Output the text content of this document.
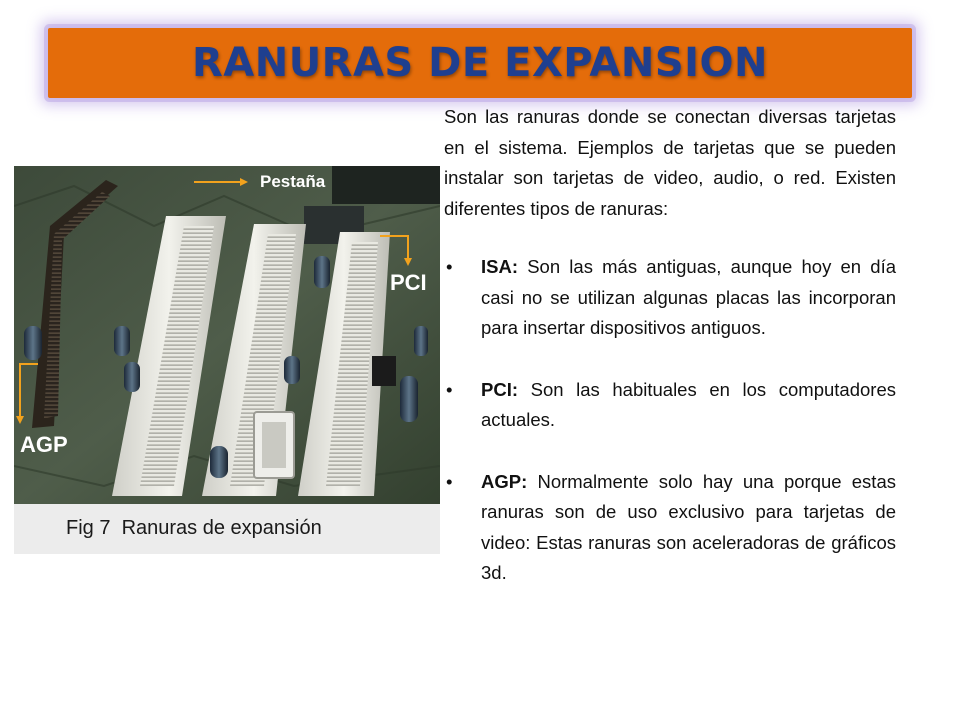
RANURAS DE EXPANSION
Pestaña
PCI
AGP
Fig 7  Ranuras de expansión

Son las ranuras donde se conectan diversas tarjetas en el sistema. Ejemplos de tarjetas que se pueden instalar son tarjetas de video, audio, o red. Existen diferentes tipos de ranuras:

• ISA: Son las más antiguas, aunque hoy en día casi no se utilizan algunas placas las incorporan para insertar dispositivos antiguos.
• PCI: Son las habituales en los computadores actuales.
• AGP: Normalmente solo hay una porque estas ranuras son de uso exclusivo para tarjetas de video: Estas ranuras son aceleradoras de gráficos 3d.
